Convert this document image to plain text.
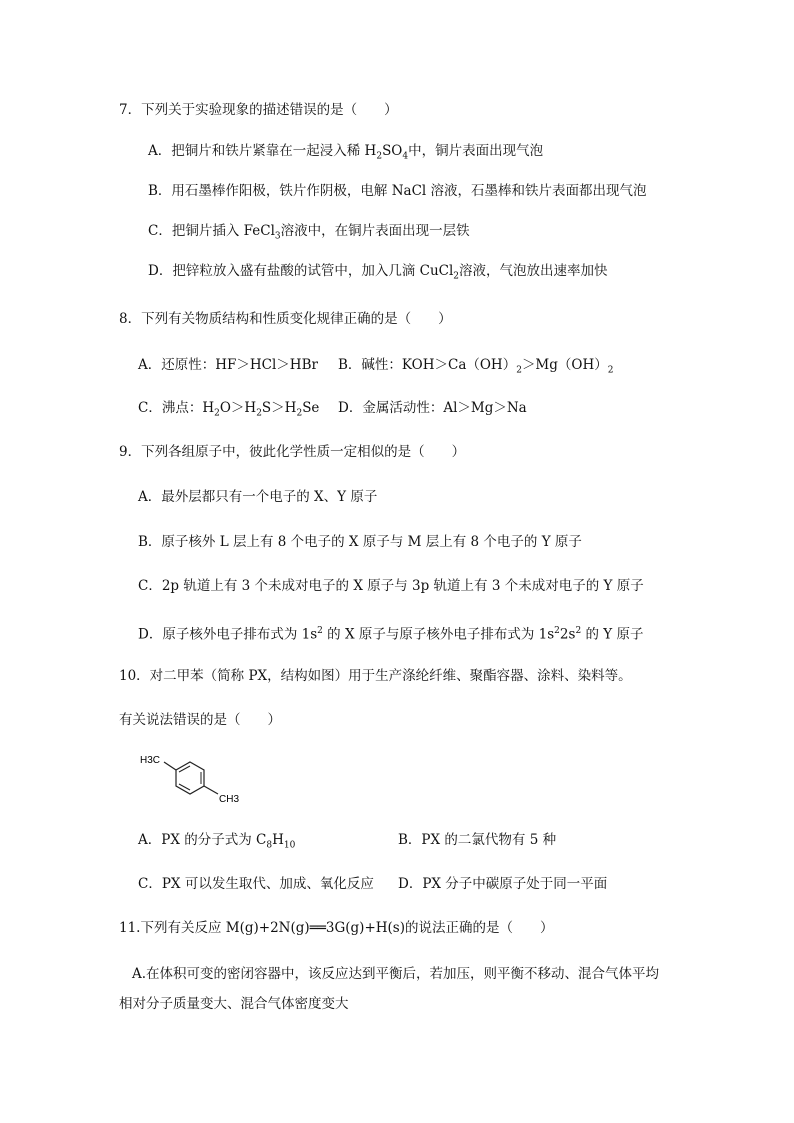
7．下列关于实验现象的描述错误的是（　　）
A．把铜片和铁片紧靠在一起浸入稀 $H_2SO_4$中，铜片表面出现气泡
B．用石墨棒作阳极，铁片作阴极，电解 NaCl 溶液，石墨棒和铁片表面都出现气泡
C．把铜片插入 FeCl$_3$溶液中，在铜片表面出现一层铁
D．把锌粒放入盛有盐酸的试管中，加入几滴 CuCl$_2$溶液，气泡放出速率加快
8．下列有关物质结构和性质变化规律正确的是（　　）
A．还原性：HF＞HCl＞HBr B．碱性：$KOH>Ca(OH)_2>Mg(OH)_2$
C．沸点：$H_2O>H_2S>H_2Se$ D．金属活动性：Al＞Mg＞Na
9．下列各组原子中，彼此化学性质一定相似的是（　　）
A．最外层都只有一个电子的 X、Y 原子
B．原子核外 L 层上有 8 个电子的 X 原子与 M 层上有 8 个电子的 Y 原子
C．2p 轨道上有 3 个未成对电子的 X 原子与 3p 轨道上有 3 个未成对电子的 Y 原子
D．原子核外电子排布式为 $1s^2$ 的 X 原子与原子核外电子排布式为 $1s^22s^2$ 的 Y 原子
10．对二甲苯（简称 PX，结构如图）用于生产涤纶纤维、聚酯容器、涂料、染料等。
有关说法错误的是（　　）
H3C
CH3
A．PX 的分子式为 $C_8H_{10}$	B．PX 的二氯代物有 5 种
C．PX 可以发生取代、加成、氧化反应 D．PX 分子中碳原子处于同一平面
11.下列有关反应 M(g)+2N(g)══3G(g)+H(s)的说法正确的是（　　）
A.在体积可变的密闭容器中，该反应达到平衡后，若加压，则平衡不移动、混合气体平均
相对分子质量变大、混合气体密度变大
